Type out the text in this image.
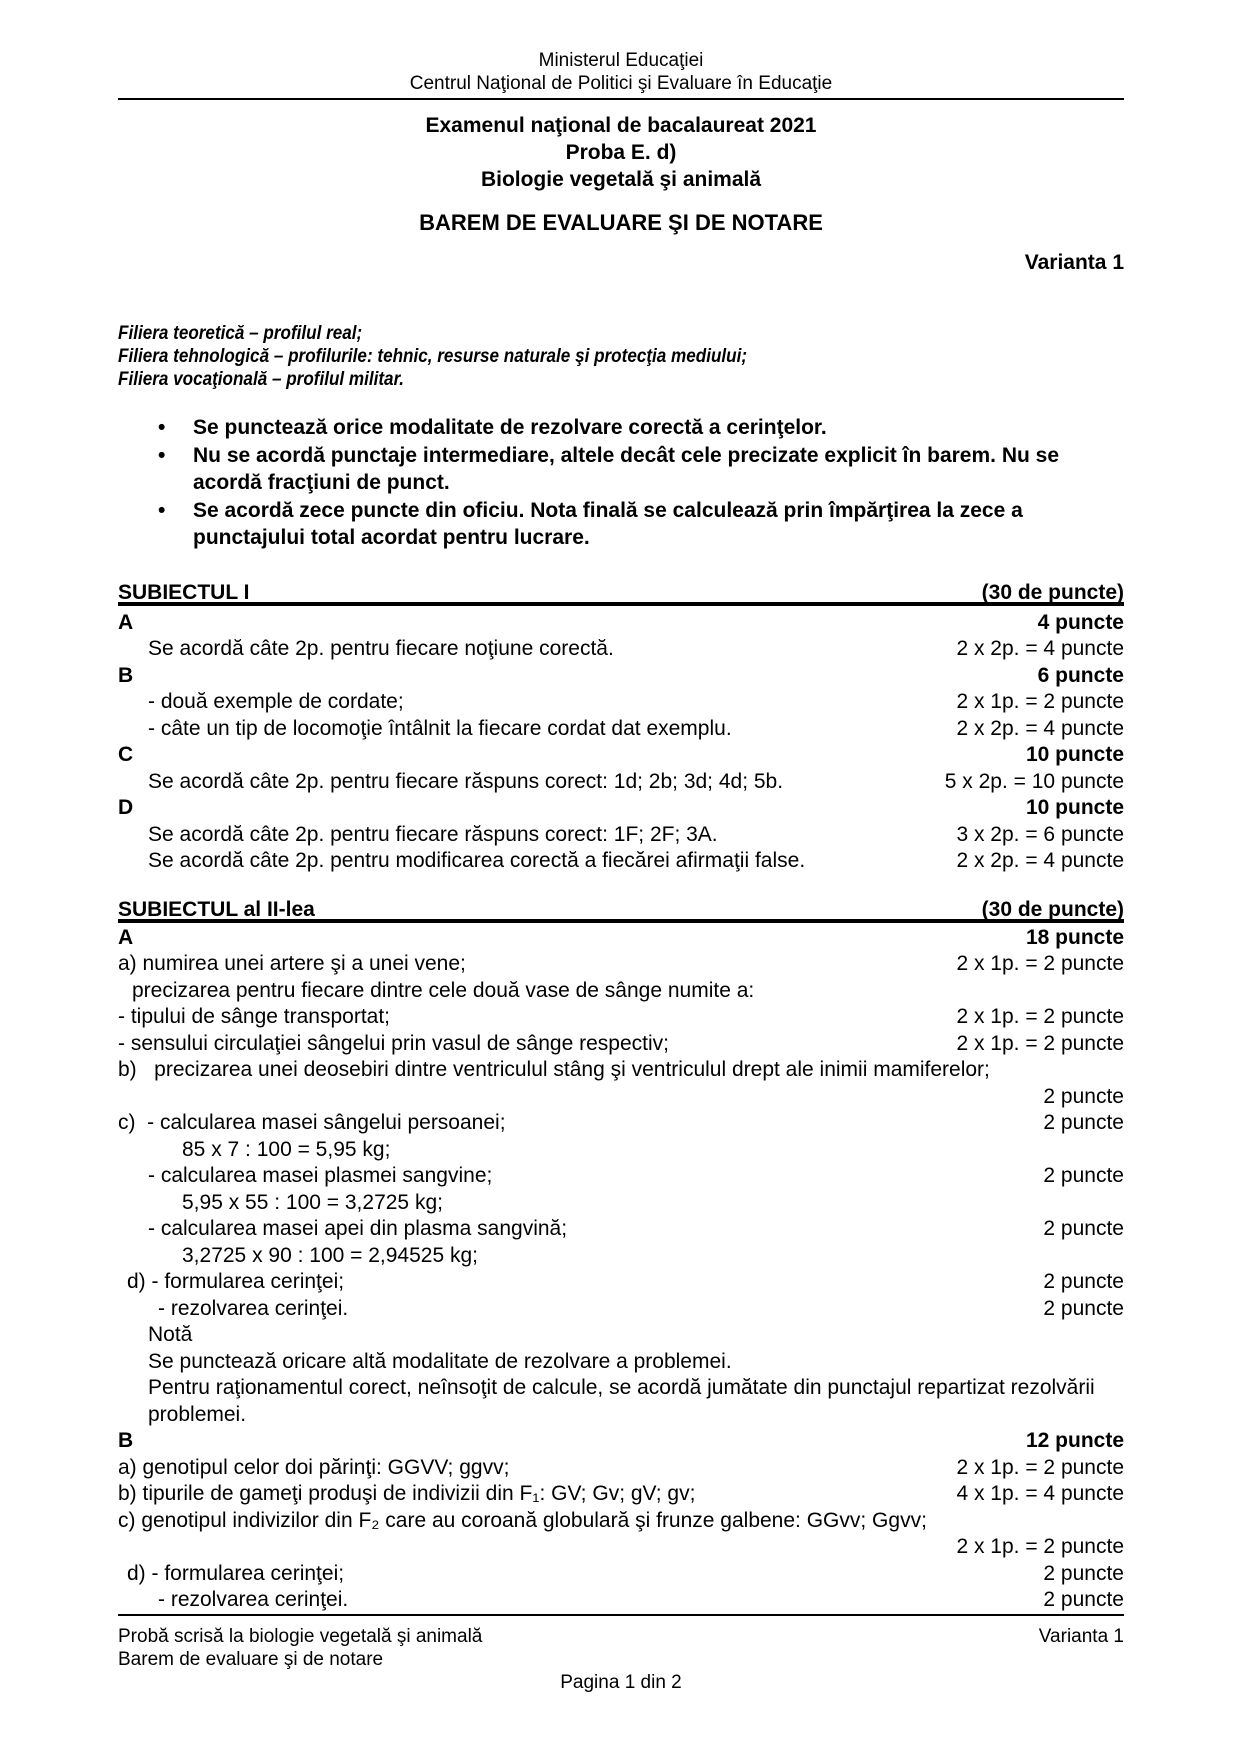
Ministerul Educaţiei
Centrul Naţional de Politici şi Evaluare în Educaţie
Examenul naţional de bacalaureat 2021
Proba E. d)
Biologie vegetală şi animală
BAREM DE EVALUARE ŞI DE NOTARE
Varianta 1
Filiera teoretică – profilul real;
Filiera tehnologică – profilurile: tehnic, resurse naturale şi protecţia mediului;
Filiera vocaţională – profilul militar.
• Se punctează orice modalitate de rezolvare corectă a cerinţelor.
• Nu se acordă punctaje intermediare, altele decât cele precizate explicit în barem. Nu se acordă fracţiuni de punct.
• Se acordă zece puncte din oficiu. Nota finală se calculează prin împărţirea la zece a punctajului total acordat pentru lucrare.
SUBIECTUL I	(30 de puncte)
A	4 puncte
Se acordă câte 2p. pentru fiecare noţiune corectă.	2 x 2p. = 4 puncte
B	6 puncte
- două exemple de cordate;	2 x 1p. = 2 puncte
- câte un tip de locomoţie întâlnit la fiecare cordat dat exemplu.	2 x 2p. = 4 puncte
C	10 puncte
Se acordă câte 2p. pentru fiecare răspuns corect: 1d; 2b; 3d; 4d; 5b.	5 x 2p. = 10 puncte
D	10 puncte
Se acordă câte 2p. pentru fiecare răspuns corect: 1F; 2F; 3A.	3 x 2p. = 6 puncte
Se acordă câte 2p. pentru modificarea corectă a fiecărei afirmaţii false.	2 x 2p. = 4 puncte
SUBIECTUL al II-lea	(30 de puncte)
A	18 puncte
a) numirea unei artere şi a unei vene;	2 x 1p. = 2 puncte
precizarea pentru fiecare dintre cele două vase de sânge numite a:
- tipului de sânge transportat;	2 x 1p. = 2 puncte
- sensului circulaţiei sângelui prin vasul de sânge respectiv;	2 x 1p. = 2 puncte
b)   precizarea unei deosebiri dintre ventriculul stâng şi ventriculul drept ale inimii mamiferelor;
2 puncte
c)  - calcularea masei sângelui persoanei;	2 puncte
85 x 7 : 100 = 5,95 kg;
- calcularea masei plasmei sangvine;	2 puncte
5,95 x 55 : 100 = 3,2725 kg;
- calcularea masei apei din plasma sangvină;	2 puncte
3,2725 x 90 : 100 = 2,94525 kg;
d) - formularea cerinţei;	2 puncte
- rezolvarea cerinţei.	2 puncte
Notă
Se punctează oricare altă modalitate de rezolvare a problemei.
Pentru raţionamentul corect, neînsoţit de calcule, se acordă jumătate din punctajul repartizat rezolvării problemei.
B	12 puncte
a) genotipul celor doi părinţi: GGVV; ggvv;	2 x 1p. = 2 puncte
b) tipurile de gameţi produşi de indivizii din F₁: GV; Gv; gV; gv;	4 x 1p. = 4 puncte
c) genotipul indivizilor din F₂ care au coroană globulară şi frunze galbene: GGvv; Ggvv;
2 x 1p. = 2 puncte
d) - formularea cerinţei;	2 puncte
- rezolvarea cerinţei.	2 puncte
Probă scrisă la biologie vegetală şi animală	Varianta 1
Barem de evaluare şi de notare
Pagina 1 din 2
